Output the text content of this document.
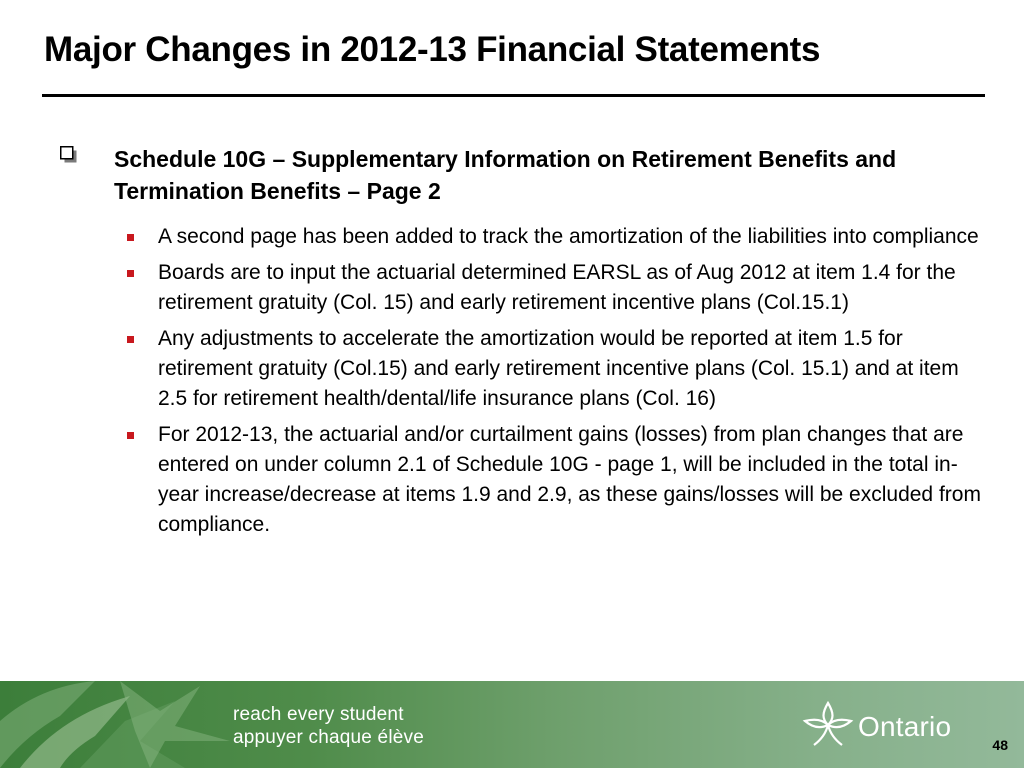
Major Changes in 2012-13 Financial Statements
Schedule 10G – Supplementary Information on Retirement Benefits and Termination Benefits – Page 2
A second page has been added to track the amortization of the liabilities into compliance
Boards are to input the actuarial determined EARSL as of Aug 2012 at item 1.4 for the retirement gratuity (Col. 15) and early retirement incentive plans (Col.15.1)
Any adjustments to accelerate the amortization would be reported at item 1.5 for retirement gratuity (Col.15) and early retirement incentive plans (Col. 15.1) and at item 2.5 for retirement health/dental/life insurance plans (Col. 16)
For 2012-13, the actuarial and/or curtailment gains (losses) from plan changes that are entered on under column 2.1 of Schedule 10G - page 1, will be included in the total in-year increase/decrease at items 1.9 and 2.9, as these gains/losses will be excluded from compliance.
reach every student
appuyer chaque élève	Ontario
48
